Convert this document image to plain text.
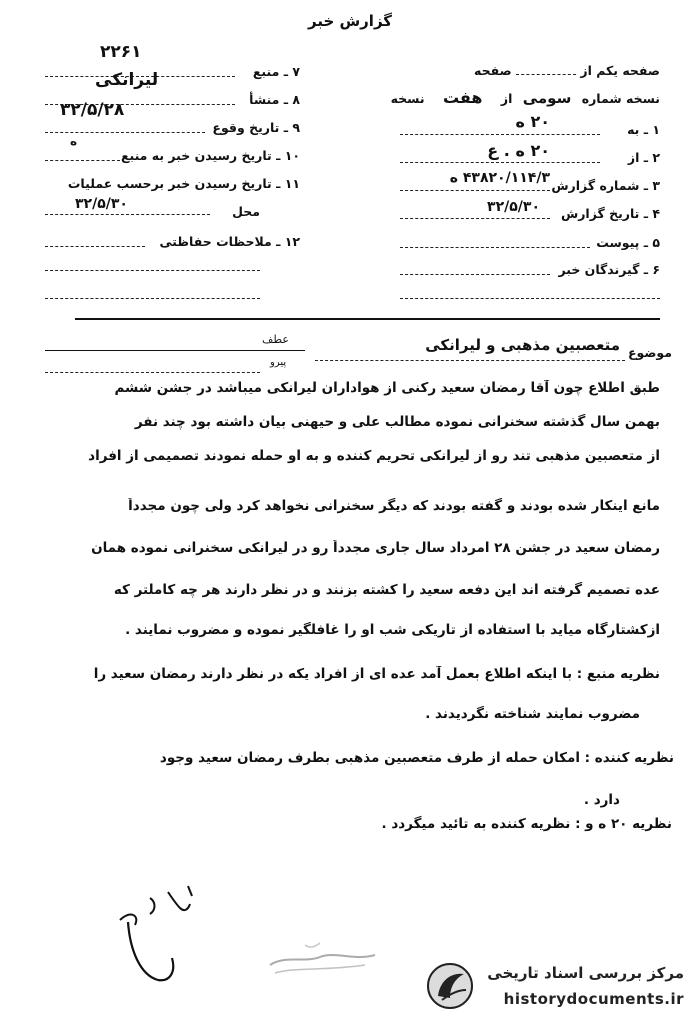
گزارش خبر
صفحه یکم از  صفحه
نسخه شماره سومی از هفت نسخه
۱ ـ به
۲۰ ه
۲ ـ از
۲۰ ه . ع
۳ ـ شماره گزارش
۴۳۸۲۰/۱۱۴/۳ ه
۴ ـ تاریخ گزارش
۳۲/۵/۳۰
۵ ـ پیوست
۶ ـ گیرندگان خبر
۷ ـ منبع
۲۲۶۱
۸ ـ منشأ
لیرانکی
۹ ـ تاریخ وقوع
۳۲/۵/۲۸
۱۰ ـ تاریخ رسیدن خبر به منبع
ه
۱۱ ـ تاریخ رسیدن خبر برحسب عملیات
محل
۳۲/۵/۳۰
۱۲ ـ ملاحظات حفاظتی
موضوع
متعصبین مذهبی و لیرانکی
عطف
پیرو
طبق اطلاع چون آقا رمضان سعید رکنی از هواداران لیرانکی میباشد در جشن ششم
بهمن سال گذشته سخنرانی نموده مطالب علی و حیهنی بیان داشته بود چند نفر
از متعصبین مذهبی تند رو از لیرانکی تحریم کننده و به او حمله نمودند تصمیمی از افراد
مانع اینکار شده بودند و گفته بودند که دیگر سخنرانی نخواهد کرد ولی چون مجدداً
رمضان سعید در جشن ۲۸ امرداد سال جاری مجدداً رو در لیرانکی سخنرانی نموده همان
عده تصمیم گرفته اند این دفعه سعید را کشته بزنند و در نظر دارند هر چه کاملتر که
ازکشتارگاه میاید با استفاده از تاریکی شب او را غافلگیر نموده و مضروب نمایند .
نظریه منبع : با اینکه اطلاع بعمل آمد عده ای از افراد یکه در نظر دارند رمضان سعید را
مضروب نمایند شناخته نگردیدند .
نظریه کننده : امکان حمله از طرف متعصبین مذهبی بطرف رمضان سعید وجود
دارد .
نظریه ۲۰ ه و : نظریه کننده به تائید میگردد .
مرکز بررسی اسناد تاریخی
historydocuments.ir
